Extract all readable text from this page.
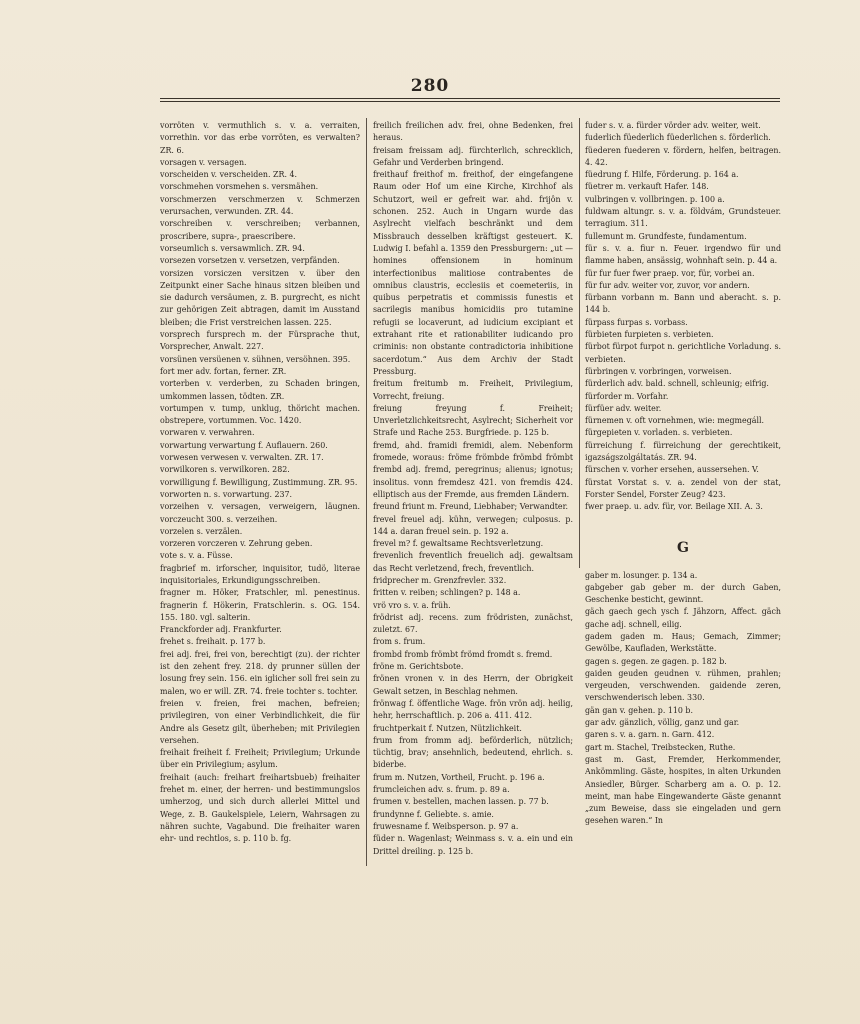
280

vorröten v. vermuthlich s. v. a. verraiten, vorrethin. vor das erbe vorröten, es verwalten? ZR. 6.

vorsagen v. versagen.

vorscheiden v. verscheiden. ZR. 4.

vorschmehen vorsmehen s. versmähen.

vorschmerzen verschmerzen v. Schmerzen verursachen, verwunden. ZR. 44.

vorschreiben v. verschreiben; verbannen, proscribere, supra-, praescribere.

vorseumlich s. versawmlich. ZR. 94.

vorsezen vorsetzen v. versetzen, verpfänden.

vorsizen vorsiczen versitzen v. über den Zeitpunkt einer Sache hinaus sitzen bleiben und sie dadurch versäumen, z. B. purgrecht, es nicht zur gehörigen Zeit abtragen, damit im Ausstand bleiben; die Frist verstreichen lassen. 225.

vorsprech fursprech m. der Fürsprache thut, Vorsprecher, Anwalt. 227.

vorsünen versüenen v. sühnen, versöhnen. 395.

fort mer adv. fortan, ferner. ZR.

vorterben v. verderben, zu Schaden bringen, umkommen lassen, tödten. ZR.

vortumpen v. tump, unklug, thöricht machen. obstrepere, vortummen. Voc. 1420.

vorwaren v. verwahren.

vorwartung verwartung f. Auflauern. 260.

vorwesen verwesen v. verwalten. ZR. 17.

vorwilkoren s. verwilkoren. 282.

vorwilligung f. Bewilligung, Zustimmung. ZR. 95.

vorworten n. s. vorwartung. 237.

vorzeihen v. versagen, verweigern, läugnen. vorczeucht 300. s. verzeihen.

vorzelen s. verzälen.

vorzeren vorczeren v. Zehrung geben.

vote s. v. a. Füsse.

fragbrief m. irforscher, inquisitor, tudö, literae inquisitoriales, Erkundigungsschreiben.

fragner m. Höker, Fratschler, ml. penestinus. fragnerin f. Hökerin, Fratschlerin. s. OG. 154. 155. 180. vgl. salterin.

Franckforder adj. Frankfurter.

frehet s. freihait. p. 177 b.

frei adj. frei, frei von, berechtigt (zu). der richter ist den zehent frey. 218. dy prunner süllen der losung frey sein. 156. ein iglicher soll frei sein zu malen, wo er will. ZR. 74. freie tochter s. tochter.

freien v. freien, frei machen, befreien; privilegiren, von einer Verbindlichkeit, die für Andre als Gesetz gilt, überheben; mit Privilegien versehen.

freihait freiheit f. Freiheit; Privilegium; Urkunde über ein Privilegium; asylum.

freihait (auch: freihart freihartsbueb) freihaiter frehet m. einer, der herren- und bestimmungslos umherzog, und sich durch allerlei Mittel und Wege, z. B. Gaukelspiele, Leiern, Wahrsagen zu nähren suchte, Vagabund. Die freihaiter waren ehr- und rechtlos, s. p. 110 b. fg.

freilich freilichen adv. frei, ohne Bedenken, frei heraus.

freisam freissam adj. fürchterlich, schrecklich, Gefahr und Verderben bringend.

freithauf freithof m. freithof, der eingefangene Raum oder Hof um eine Kirche, Kirchhof als Schutzort, weil er gefreit war. ahd. frijôn v. schonen. 252. Auch in Ungarn wurde das Asylrecht vielfach beschränkt und dem Missbrauch desselben kräftigst gesteuert. K. Ludwig I. befahl a. 1359 den Pressburgern: „ut — homines offensionem in hominum interfectionibus malitiose contrabentes de omnibus claustris, ecclesiis et coemeteriis, in quibus perpetratis et commissis funestis et sacrilegis manibus homicidiis pro tutamine refugii se locaverunt, ad iudicium excipiant et extrahant rite et rationabiliter iudicando pro criminis: non obstante contradictoria inhibitione sacerdotum.“ Aus dem Archiv der Stadt Pressburg.

freitum freitumb m. Freiheit, Privilegium, Vorrecht, freiung.

freiung freyung f. Freiheit; Unverletzlichkeitsrecht, Asylrecht; Sicherheit vor Strafe und Rache 253. Burgfriede. p. 125 b.

fremd, ahd. framidi fremidi, alem. Nebenform fromede, woraus: fröme frömbde frömbd frömbt frembd adj. fremd, peregrinus; alienus; ignotus; insolitus. vonn fremdesz 421. von fremdis 424. elliptisch aus der Fremde, aus fremden Ländern.

freund friunt m. Freund, Liebhaber; Verwandter.

frevel freuel adj. kühn, verwegen; culposus. p. 144 a. daran freuel sein. p. 192 a.

frevel m? f. gewaltsame Rechtsverletzung.

frevenlich freventlich freuelich adj. gewaltsam das Recht verletzend, frech, freventlich.

fridprecher m. Grenzfrevler. 332.

fritten v. reiben; schlingen? p. 148 a.

vrö vro s. v. a. früh.

frödrist adj. recens. zum frödristen, zunächst, zuletzt. 67.

from s. frum.

frombd fromb frömbt frömd fromdt s. fremd.

fröne m. Gerichtsbote.

frönen vronen v. in des Herrn, der Obrigkeit Gewalt setzen, in Beschlag nehmen.

frönwag f. öffentliche Wage. frön vrön adj. heilig, hehr, herrschaftlich. p. 206 a. 411. 412.

fruchtperkait f. Nutzen, Nützlichkeit.

frum from fromm adj. beförderlich, nützlich; tüchtig, brav; ansehnlich, bedeutend, ehrlich. s. biderbe.

frum m. Nutzen, Vortheil, Frucht. p. 196 a.

frumcleichen adv. s. frum. p. 89 a.

frumen v. bestellen, machen lassen. p. 77 b.

frundynne f. Geliebte. s. amie.

fruwesname f. Weibsperson. p. 97 a.

füder n. Wagenlast; Weinmass s. v. a. ein und ein Drittel dreiling. p. 125 b.

fuder s. v. a. fürder vörder adv. weiter, weit.

fuderlich füederlich füederlichen s. förderlich.

füederen fuederen v. fördern, helfen, beitragen. 4. 42.

füedrung f. Hilfe, Förderung. p. 164 a.

füetrer m. verkauft Hafer. 148.

vulbringen v. vollbringen. p. 100 a.

fuldwam altungr. s. v. a. földvám, Grundsteuer. terragium. 311.

fullemunt m. Grundfeste, fundamentum.

für s. v. a. fiur n. Feuer. irgendwo für und flamme haben, ansässig, wohnhaft sein. p. 44 a.

für fur fuer fwer praep. vor, für, vorbei an.

für fur adv. weiter vor, zuvor, vor andern.

fürbann vorbann m. Bann und aberacht. s. p. 144 b.

fürpass furpas s. vorbass.

fürbieten furpieten s. verbieten.

fürbot fürpot furpot n. gerichtliche Vorladung. s. verbieten.

fürbringen v. vorbringen, vorweisen.

fürderlich adv. bald. schnell, schleunig; eifrig.

fürforder m. Vorfahr.

fürfüer adv. weiter.

fürnemen v. oft vornehmen, wie: megmegáll.

fürgepieten v. vorladen. s. verbieten.

fürreichung f. fürreichung der gerechtikeit, igazságszolgáltatás. ZR. 94.

fürschen v. vorher ersehen, aussersehen. V.

fürstat Vorstat s. v. a. zendel von der stat, Forster Sendel, Forster Zeug? 423.

fwer praep. u. adv. für, vor. Beilage XII. A. 3.

G

gaber m. losunger. p. 134 a.

gabgeber gab geber m. der durch Gaben, Geschenke besticht, gewinnt.

gäch gaech gech ysch f. Jähzorn, Affect. gäch gache adj. schnell, eilig.

gadem gaden m. Haus; Gemach, Zimmer; Gewölbe, Kaufladen, Werkstätte.

gagen s. gegen. ze gagen. p. 182 b.

gaiden geuden geudnen v. rühmen, prahlen; vergeuden, verschwenden. gaidende zeren, verschwenderisch leben. 330.

gän gan v. gehen. p. 110 b.

gar adv. gänzlich, völlig, ganz und gar.

garen s. v. a. garn. n. Garn. 412.

gart m. Stachel, Treibstecken, Ruthe.

gast m. Gast, Fremder, Herkommender, Ankömmling. Gäste, hospites, in alten Urkunden Ansiedler, Bürger. Scharberg am a. O. p. 12. meint, man habe Eingewanderte Gäste genannt „zum Beweise, dass sie eingeladen und gern gesehen waren.“ In
